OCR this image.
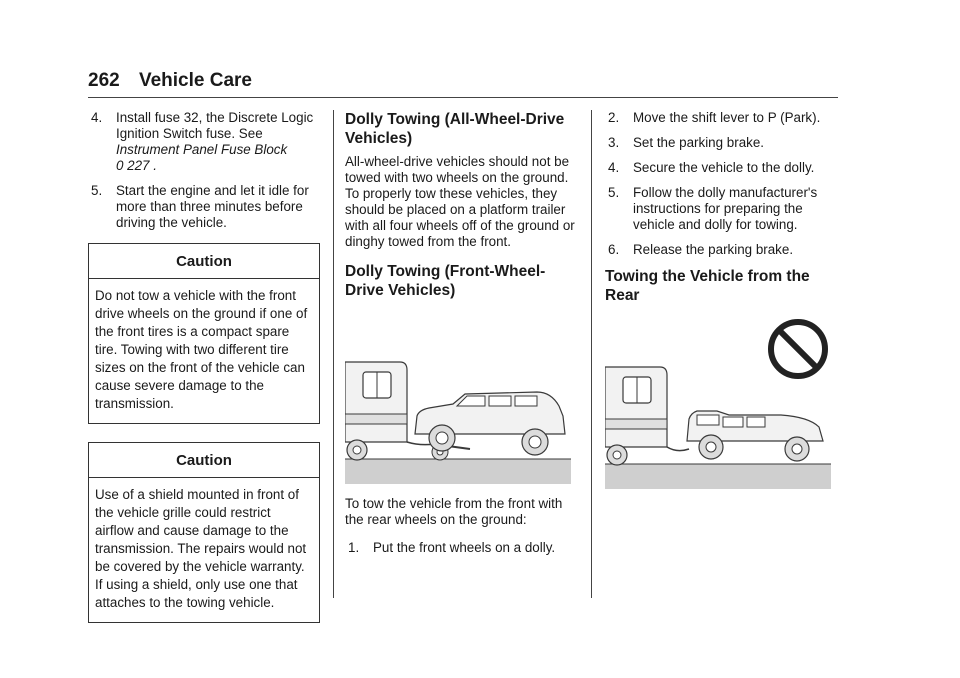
262 Vehicle Care
4. Install fuse 32, the Discrete Logic Ignition Switch fuse. See Instrument Panel Fuse Block
0 227 .
5. Start the engine and let it idle for more than three minutes before driving the vehicle.
Caution
Do not tow a vehicle with the front drive wheels on the ground if one of the front tires is a compact spare tire. Towing with two different tire sizes on the front of the vehicle can cause severe damage to the transmission.
Caution
Use of a shield mounted in front of the vehicle grille could restrict airflow and cause damage to the transmission. The repairs would not be covered by the vehicle warranty. If using a shield, only use one that attaches to the towing vehicle.
Dolly Towing (All-Wheel-Drive Vehicles)

All-wheel-drive vehicles should not be towed with two wheels on the ground. To properly tow these vehicles, they should be placed on a platform trailer with all four wheels off of the ground or dinghy towed from the front.

Dolly Towing (Front-Wheel-Drive Vehicles)

To tow the vehicle from the front with the rear wheels on the ground:

1. Put the front wheels on a dolly.
2. Move the shift lever to P (Park).
3. Set the parking brake.
4. Secure the vehicle to the dolly.
5. Follow the dolly manufacturer's instructions for preparing the vehicle and dolly for towing.
6. Release the parking brake.
Towing the Vehicle from the Rear
